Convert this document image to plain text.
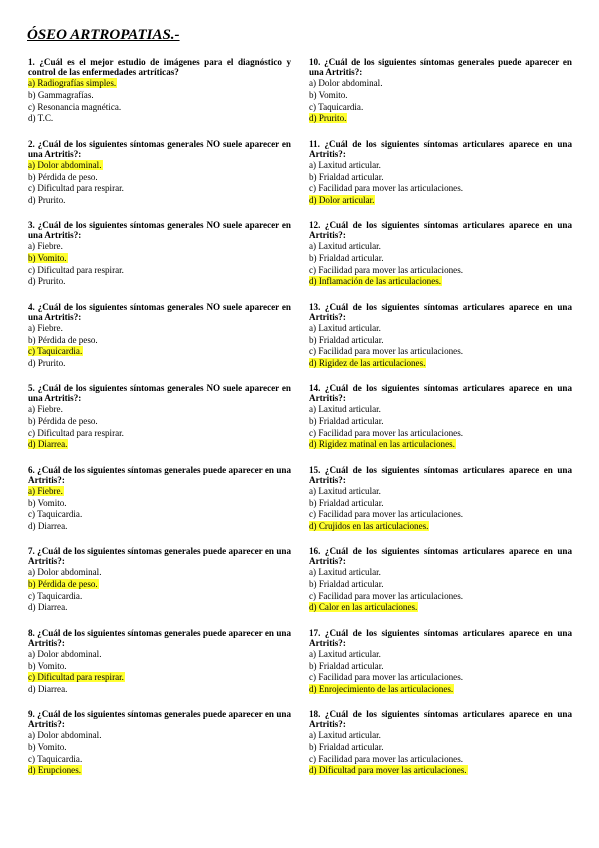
ÓSEO ARTROPATIAS.-
1. ¿Cuál es el mejor estudio de imágenes para el diagnóstico y control de las enfermedades artríticas?
a) Radiografías simples.
b) Gammagrafías.
c) Resonancia magnética.
d) T.C.
2. ¿Cuál de los siguientes síntomas generales NO suele aparecer en una Artritis?:
a) Dolor abdominal.
b) Pérdida de peso.
c) Dificultad para respirar.
d) Prurito.
3. ¿Cuál de los siguientes síntomas generales NO suele aparecer en una Artritis?:
a) Fiebre.
b) Vomito.
c) Dificultad para respirar.
d) Prurito.
4. ¿Cuál de los siguientes síntomas generales NO suele aparecer en una Artritis?:
a) Fiebre.
b) Pérdida de peso.
c) Taquicardia.
d) Prurito.
5. ¿Cuál de los siguientes síntomas generales NO suele aparecer en una Artritis?:
a) Fiebre.
b) Pérdida de peso.
c) Dificultad para respirar.
d) Diarrea.
6. ¿Cuál de los siguientes síntomas generales puede aparecer en una Artritis?:
a) Fiebre.
b) Vomito.
c) Taquicardia.
d) Diarrea.
7. ¿Cuál de los siguientes síntomas generales puede aparecer en una Artritis?:
a) Dolor abdominal.
b) Pérdida de peso.
c) Taquicardia.
d) Diarrea.
8. ¿Cuál de los siguientes síntomas generales puede aparecer en una Artritis?:
a) Dolor abdominal.
b) Vomito.
c) Dificultad para respirar.
d) Diarrea.
9. ¿Cuál de los siguientes síntomas generales puede aparecer en una Artritis?:
a) Dolor abdominal.
b) Vomito.
c) Taquicardia.
d) Erupciones.
10. ¿Cuál de los siguientes síntomas generales puede aparecer en una Artritis?:
a) Dolor abdominal.
b) Vomito.
c) Taquicardia.
d) Prurito.
11. ¿Cuál de los siguientes síntomas articulares aparece en una Artritis?:
a) Laxitud articular.
b) Frialdad articular.
c) Facilidad para mover las articulaciones.
d) Dolor articular.
12. ¿Cuál de los siguientes síntomas articulares aparece en una Artritis?:
a) Laxitud articular.
b) Frialdad articular.
c) Facilidad para mover las articulaciones.
d) Inflamación de las articulaciones.
13. ¿Cuál de los siguientes síntomas articulares aparece en una Artritis?:
a) Laxitud articular.
b) Frialdad articular.
c) Facilidad para mover las articulaciones.
d) Rigidez de las articulaciones.
14. ¿Cuál de los siguientes síntomas articulares aparece en una Artritis?:
a) Laxitud articular.
b) Frialdad articular.
c) Facilidad para mover las articulaciones.
d) Rigidez matinal en las articulaciones.
15. ¿Cuál de los siguientes síntomas articulares aparece en una Artritis?:
a) Laxitud articular.
b) Frialdad articular.
c) Facilidad para mover las articulaciones.
d) Crujidos en las articulaciones.
16. ¿Cuál de los siguientes síntomas articulares aparece en una Artritis?:
a) Laxitud articular.
b) Frialdad articular.
c) Facilidad para mover las articulaciones.
d) Calor en las articulaciones.
17. ¿Cuál de los siguientes síntomas articulares aparece en una Artritis?:
a) Laxitud articular.
b) Frialdad articular.
c) Facilidad para mover las articulaciones.
d) Enrojecimiento de las articulaciones.
18. ¿Cuál de los siguientes síntomas articulares aparece en una Artritis?:
a) Laxitud articular.
b) Frialdad articular.
c) Facilidad para mover las articulaciones.
d) Dificultad para mover las articulaciones.
